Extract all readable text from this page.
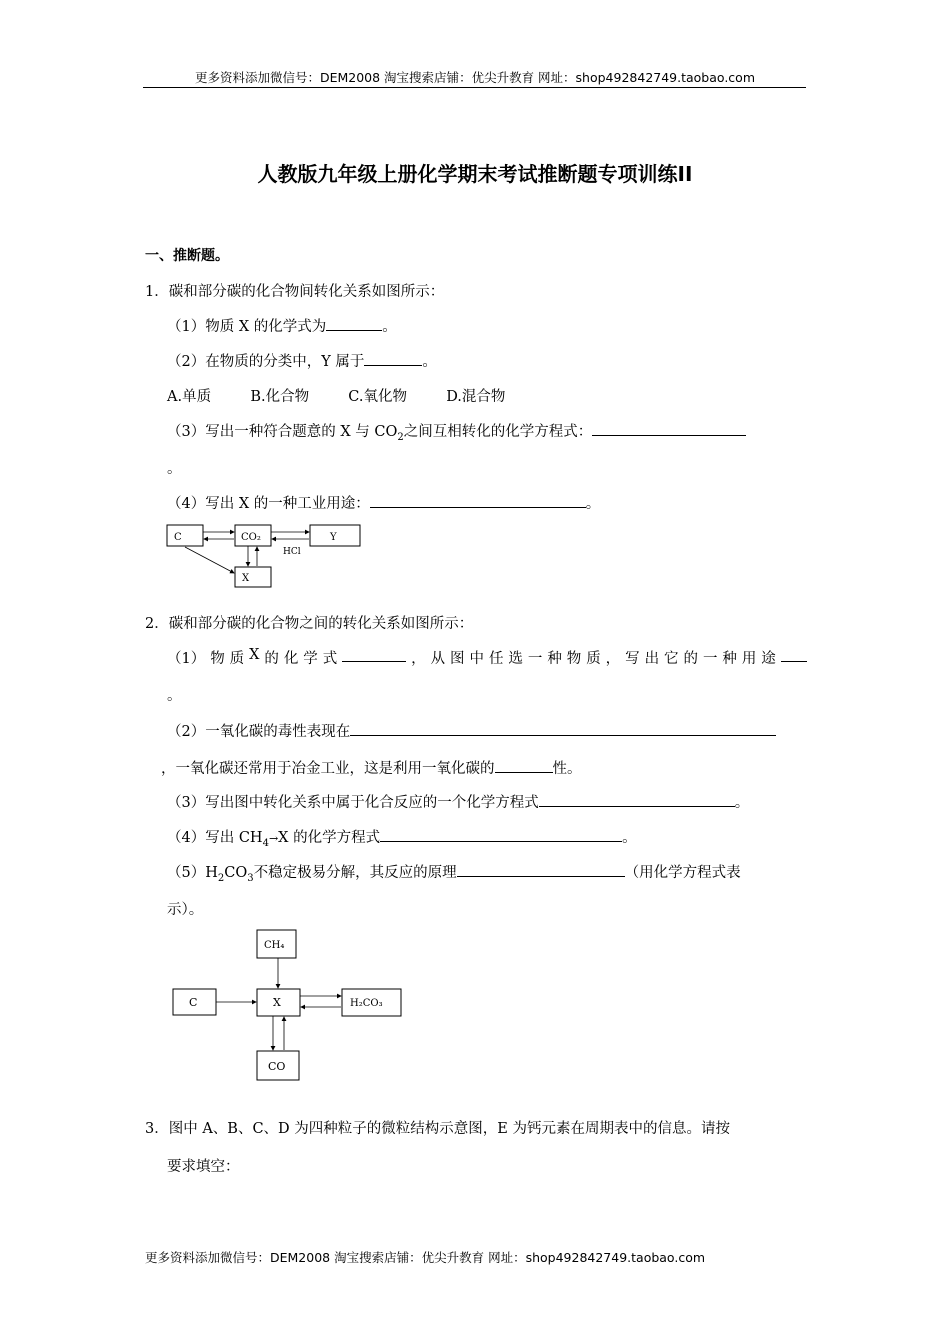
更多资料添加微信号：DEM2008 淘宝搜索店铺：优尖升教育 网址：shop492842749.taobao.com
人教版九年级上册化学期末考试推断题专项训练II
一、推断题。
1．碳和部分碳的化合物间转化关系如图所示：
（1）物质 X 的化学式为	。
（2）在物质的分类中，Y 属于	。
A.单质	B.化合物	C.氧化物	D.混合物
（3）写出一种符合题意的 X 与 $CO_2$之间互相转化的化学方程式：
。
（4）写出 X 的一种工业用途：	。
C	CO₂	Y
X
HCl
2．碳和部分碳的化合物之间的转化关系如图所示：
（1） 物 质 X 的 化 学 式	， 从 图 中 任 选 一 种 物 质 ， 写 出 它 的 一 种 用 途
。
（2）一氧化碳的毒性表现在
，一氧化碳还常用于冶金工业，这是利用一氧化碳的	性。
（3）写出图中转化关系中属于化合反应的一个化学方程式	。
（4）写出 $CH_4\to X$ 的化学方程式	。
$(5)H_2CO_3$不稳定极易分解，其反应的原理	（用化学方程式表
示）。
CH₄
C	X	H₂CO₃
CO
3．图中 A、B、C、D 为四种粒子的微粒结构示意图，E 为钙元素在周期表中的信息。请按
要求填空：
更多资料添加微信号：DEM2008 淘宝搜索店铺：优尖升教育 网址：shop492842749.taobao.com
